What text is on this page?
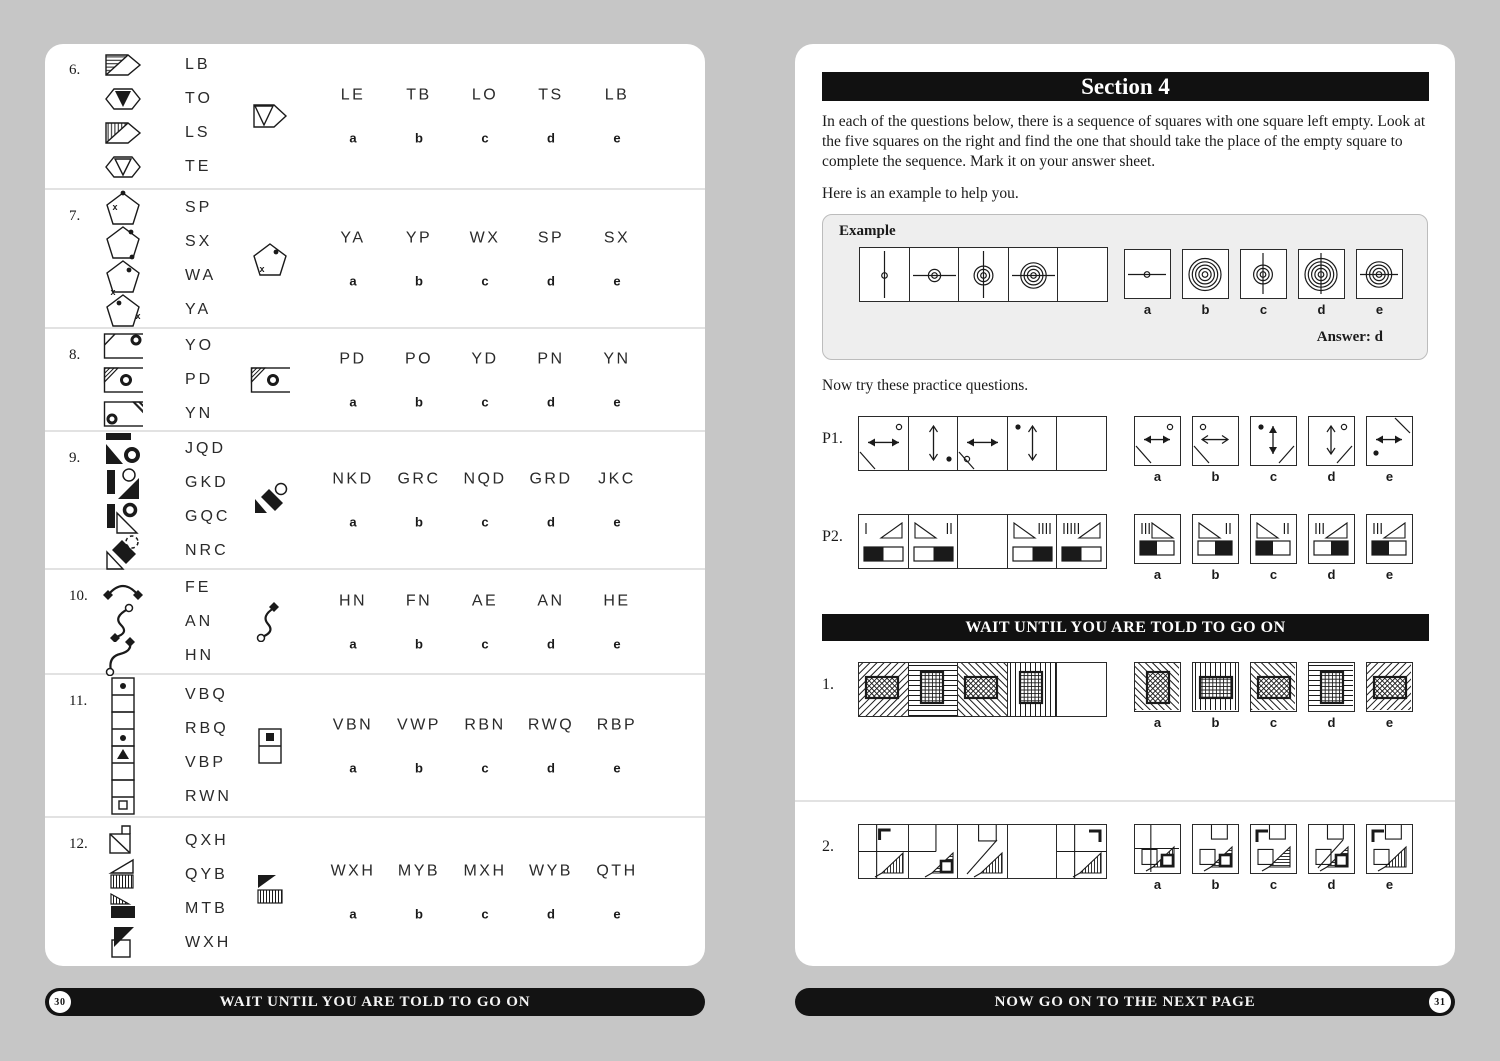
6.	LB
TO
LS
TE
LE
a
TB
b
LO
c
TS
d
LB
e
7.
x	SP
SX
x
WA
x	YA
x
YA
a
YP
b
WX
c
SP
d
SX
e
8.
YO
PD
YN
PD
a
PO
b
YD
c
PN
d
YN
e
9.
JQD
GKD
GQC
NRC
NKD
a
GRC
b
NQD
c
GRD
d
JKC
e
10.
FE
AN
HN
HN
a
FN
b
AE
c
AN
d
HE
e
11.	VBQ
RBQ
VBP
RWN
VBN
a
VWP
b
RBN
c
RWQ
d
RBP
e
12.	QXH
QYB
MTB
WXH
WXH
a
MYB
b
MXH
c
WYB
d
QTH
e
Section 4
In each of the questions below, there is a sequence of squares with one square left empty. Look at the five squares on the right and find the one that should take the place of the empty square to complete the sequence. Mark it on your answer sheet.
Here is an example to help you.
Example
a	b	c	d	e
Answer: d
Now try these practice questions.
P1.
a	b	c	d	e
P2.
a	b	c	d	e
WAIT UNTIL YOU ARE TOLD TO GO ON
1.
a	b	c	d	e
2.
a	b	c	d	e
30	WAIT UNTIL YOU ARE TOLD TO GO ON	NOW GO ON TO THE NEXT PAGE	31
